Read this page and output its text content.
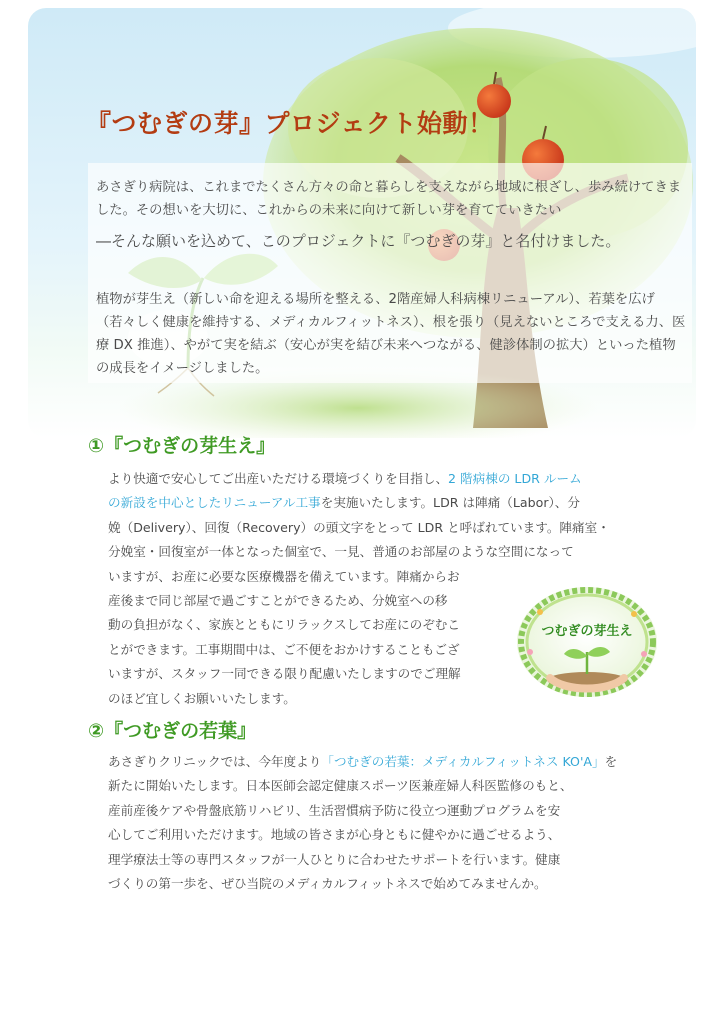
『つむぎの芽』プロジェクト始動！

あさぎり病院は、これまでたくさん方々の命と暮らしを支えながら地域に根ざし、歩み続けてきました。その想いを大切に、これからの未来に向けて新しい芽を育てていきたい

―そんな願いを込めて、このプロジェクトに『つむぎの芽』と名付けました。

植物が芽生え（新しい命を迎える場所を整える、2階産婦人科病棟リニューアル）、若葉を広げ（若々しく健康を維持する、メディカルフィットネス）、根を張り（見えないところで支える力、医療 DX 推進）、やがて実を結ぶ（安心が実を結び未来へつながる、健診体制の拡大）といった植物の成長をイメージしました。

①『つむぎの芽生え』
より快適で安心してご出産いただける環境づくりを目指し、2 階病棟の LDR ルーム
の新設を中心としたリニューアル工事を実施いたします。LDR は陣痛（Labor）、分
娩（Delivery）、回復（Recovery）の頭文字をとって LDR と呼ばれています。陣痛室・
分娩室・回復室が一体となった個室で、一見、普通のお部屋のような空間になって
いますが、お産に必要な医療機器を備えています。陣痛からお
産後まで同じ部屋で過ごすことができるため、分娩室への移
動の負担がなく、家族とともにリラックスしてお産にのぞむこ
とができます。工事期間中は、ご不便をおかけすることもござ
いますが、スタッフ一同できる限り配慮いたしますのでご理解
のほど宜しくお願いいたします。

つむぎの芽生え

②『つむぎの若葉』
あさぎりクリニックでは、今年度より「つむぎの若葉：メディカルフィットネス KO'A」を
新たに開始いたします。日本医師会認定健康スポーツ医兼産婦人科医監修のもと、
産前産後ケアや骨盤底筋リハビリ、生活習慣病予防に役立つ運動プログラムを安
心してご利用いただけます。地域の皆さまが心身ともに健やかに過ごせるよう、
理学療法士等の専門スタッフが一人ひとりに合わせたサポートを行います。健康
づくりの第一歩を、ぜひ当院のメディカルフィットネスで始めてみませんか。
